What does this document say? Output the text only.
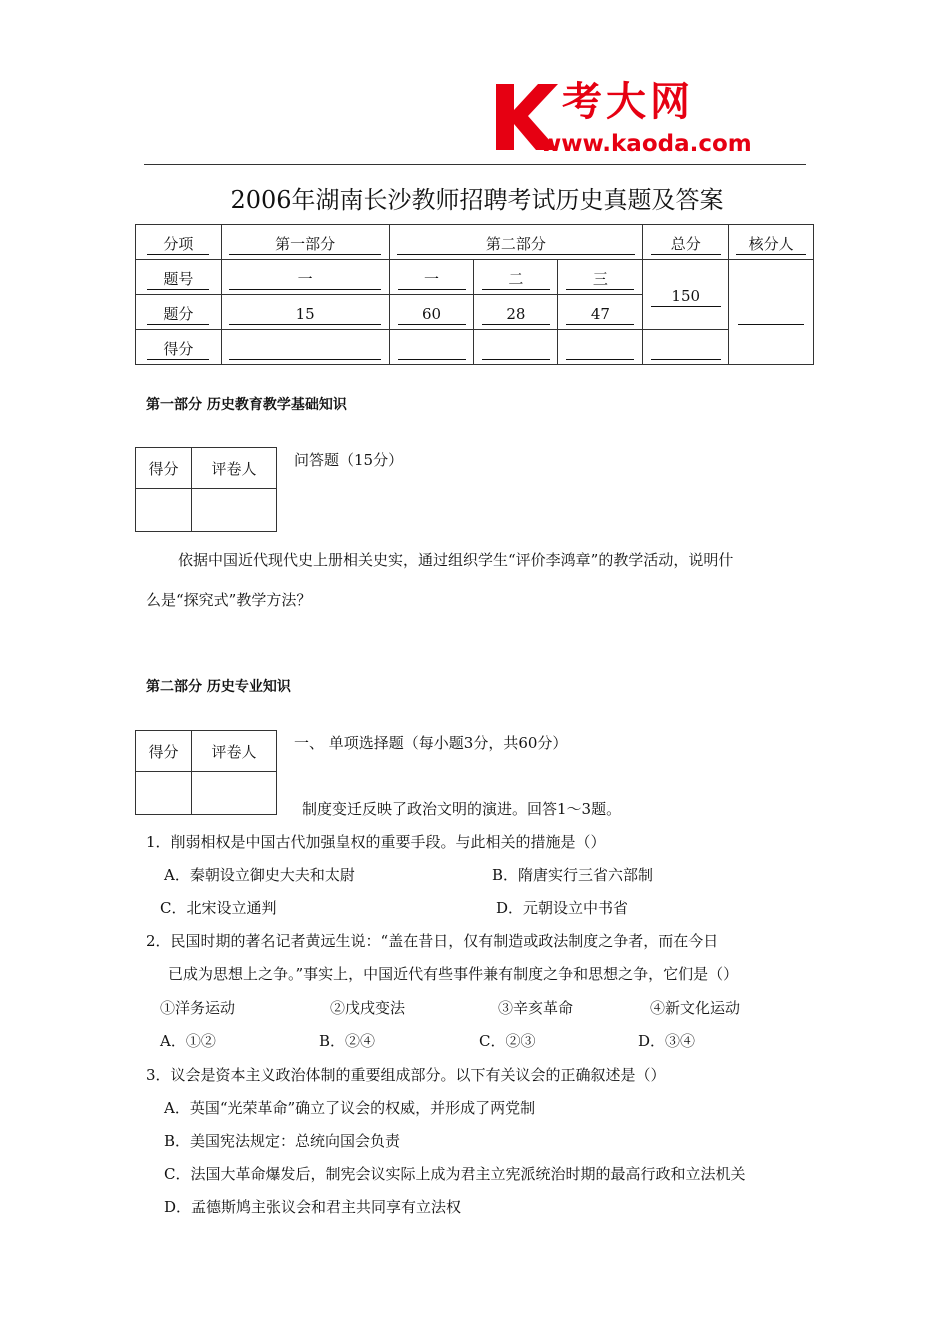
考大网
www.kaoda.com
2006年湖南长沙教师招聘考试历史真题及答案
分项	第一部分	第二部分			总分	核分人
题号	一	一	二	三	150	
题分	15	60	28	47		
得分						
第一部分 历史教育教学基础知识
得分	评卷人
		问答题（15分）
依据中国近代现代史上册相关史实，通过组织学生“评价李鸿章”的教学活动，说明什
么是“探究式”教学方法？
第二部分 历史专业知识
得分	评卷人
		一、 单项选择题（每小题3分，共60分）
制度变迁反映了政治文明的演进。回答1～3题。
1．削弱相权是中国古代加强皇权的重要手段。与此相关的措施是（）
A．秦朝设立御史大夫和太尉	B．隋唐实行三省六部制
C．北宋设立通判	D．元朝设立中书省
2．民国时期的著名记者黄远生说：“盖在昔日，仅有制造或政法制度之争者，而在今日
已成为思想上之争。”事实上，中国近代有些事件兼有制度之争和思想之争，它们是（）
①洋务运动	②戊戌变法	③辛亥革命	④新文化运动
A．①②	B．②④	C．②③	D．③④
3．议会是资本主义政治体制的重要组成部分。以下有关议会的正确叙述是（）
A．英国“光荣革命”确立了议会的权威，并形成了两党制
B．美国宪法规定：总统向国会负责
C．法国大革命爆发后，制宪会议实际上成为君主立宪派统治时期的最高行政和立法机关
D．孟德斯鸠主张议会和君主共同享有立法权
